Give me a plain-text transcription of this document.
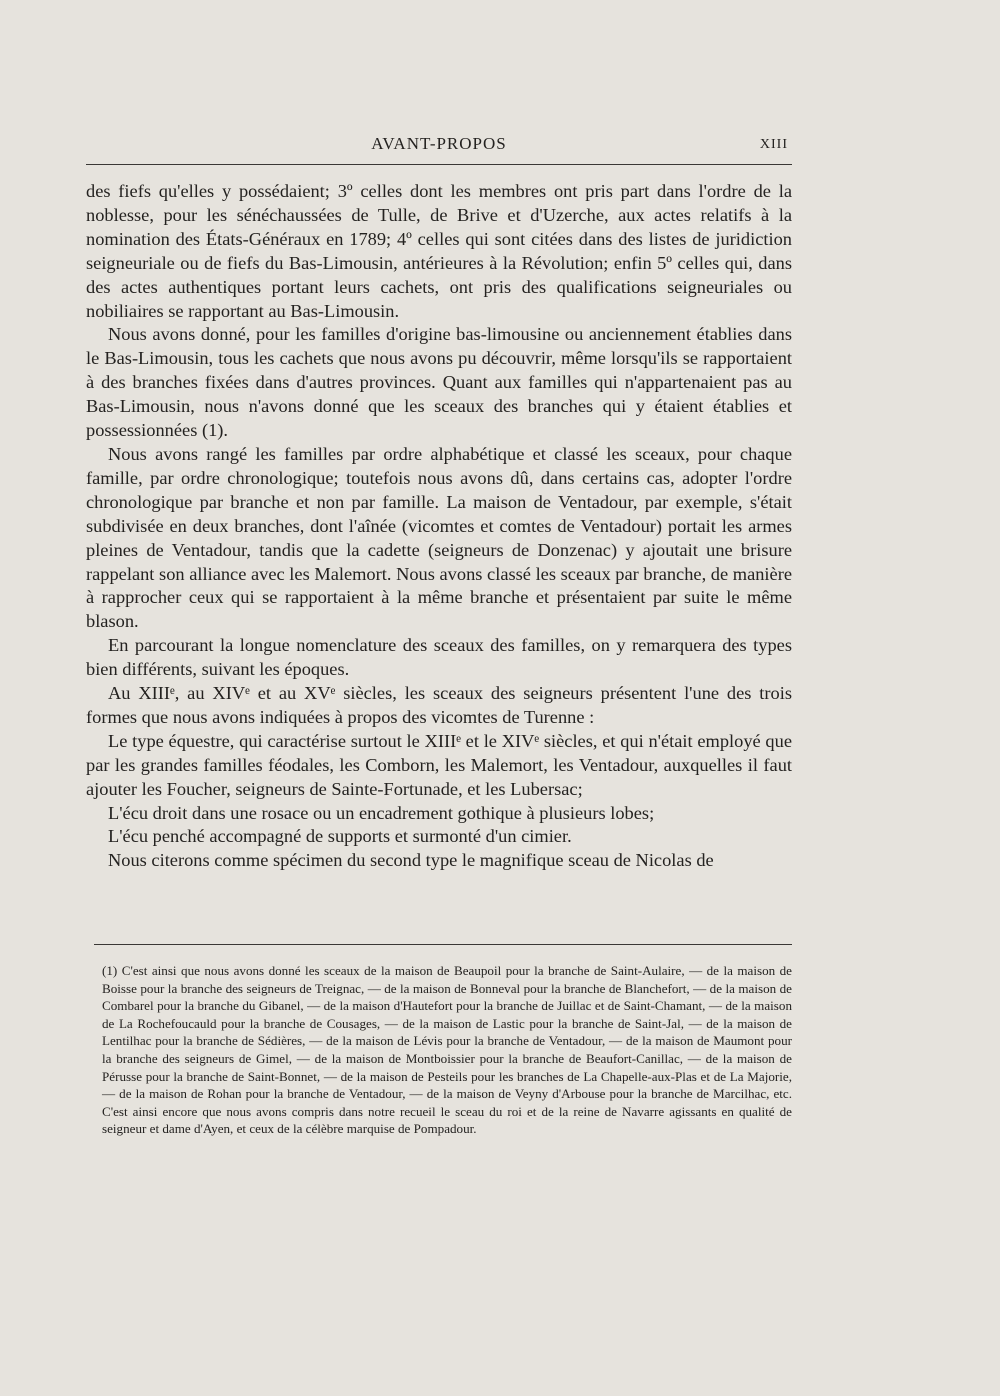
AVANT-PROPOS	XIII

des fiefs qu'elles y possédaient; 3º celles dont les membres ont pris part dans l'ordre de la noblesse, pour les sénéchaussées de Tulle, de Brive et d'Uzerche, aux actes relatifs à la nomination des États-Généraux en 1789; 4º celles qui sont citées dans des listes de juridiction seigneuriale ou de fiefs du Bas-Limousin, antérieures à la Révolution; enfin 5º celles qui, dans des actes authentiques portant leurs cachets, ont pris des qualifications seigneuriales ou nobiliaires se rapportant au Bas-Limousin.

Nous avons donné, pour les familles d'origine bas-limousine ou anciennement établies dans le Bas-Limousin, tous les cachets que nous avons pu découvrir, même lorsqu'ils se rapportaient à des branches fixées dans d'autres provinces. Quant aux familles qui n'appartenaient pas au Bas-Limousin, nous n'avons donné que les sceaux des branches qui y étaient établies et possessionnées (1).

Nous avons rangé les familles par ordre alphabétique et classé les sceaux, pour chaque famille, par ordre chronologique; toutefois nous avons dû, dans certains cas, adopter l'ordre chronologique par branche et non par famille. La maison de Ventadour, par exemple, s'était subdivisée en deux branches, dont l'aînée (vicomtes et comtes de Ventadour) portait les armes pleines de Ventadour, tandis que la cadette (seigneurs de Donzenac) y ajoutait une brisure rappelant son alliance avec les Malemort. Nous avons classé les sceaux par branche, de manière à rapprocher ceux qui se rapportaient à la même branche et présentaient par suite le même blason.

En parcourant la longue nomenclature des sceaux des familles, on y remarquera des types bien différents, suivant les époques.

Au XIIIᵉ, au XIVᵉ et au XVᵉ siècles, les sceaux des seigneurs présentent l'une des trois formes que nous avons indiquées à propos des vicomtes de Turenne :

Le type équestre, qui caractérise surtout le XIIIᵉ et le XIVᵉ siècles, et qui n'était employé que par les grandes familles féodales, les Comborn, les Malemort, les Ventadour, auxquelles il faut ajouter les Foucher, seigneurs de Sainte-Fortunade, et les Lubersac;

L'écu droit dans une rosace ou un encadrement gothique à plusieurs lobes;

L'écu penché accompagné de supports et surmonté d'un cimier.

Nous citerons comme spécimen du second type le magnifique sceau de Nicolas de

(1) C'est ainsi que nous avons donné les sceaux de la maison de Beaupoil pour la branche de Saint-Aulaire, — de la maison de Boisse pour la branche des seigneurs de Treignac, — de la maison de Bonneval pour la branche de Blanchefort, — de la maison de Combarel pour la branche du Gibanel, — de la maison d'Hautefort pour la branche de Juillac et de Saint-Chamant, — de la maison de La Rochefoucauld pour la branche de Cousages, — de la maison de Lastic pour la branche de Saint-Jal, — de la maison de Lentilhac pour la branche de Sédières, — de la maison de Lévis pour la branche de Ventadour, — de la maison de Maumont pour la branche des seigneurs de Gimel, — de la maison de Montboissier pour la branche de Beaufort-Canillac, — de la maison de Pérusse pour la branche de Saint-Bonnet, — de la maison de Pesteils pour les branches de La Chapelle-aux-Plas et de La Majorie, — de la maison de Rohan pour la branche de Ventadour, — de la maison de Veyny d'Arbouse pour la branche de Marcilhac, etc. C'est ainsi encore que nous avons compris dans notre recueil le sceau du roi et de la reine de Navarre agissants en qualité de seigneur et dame d'Ayen, et ceux de la célèbre marquise de Pompadour.
